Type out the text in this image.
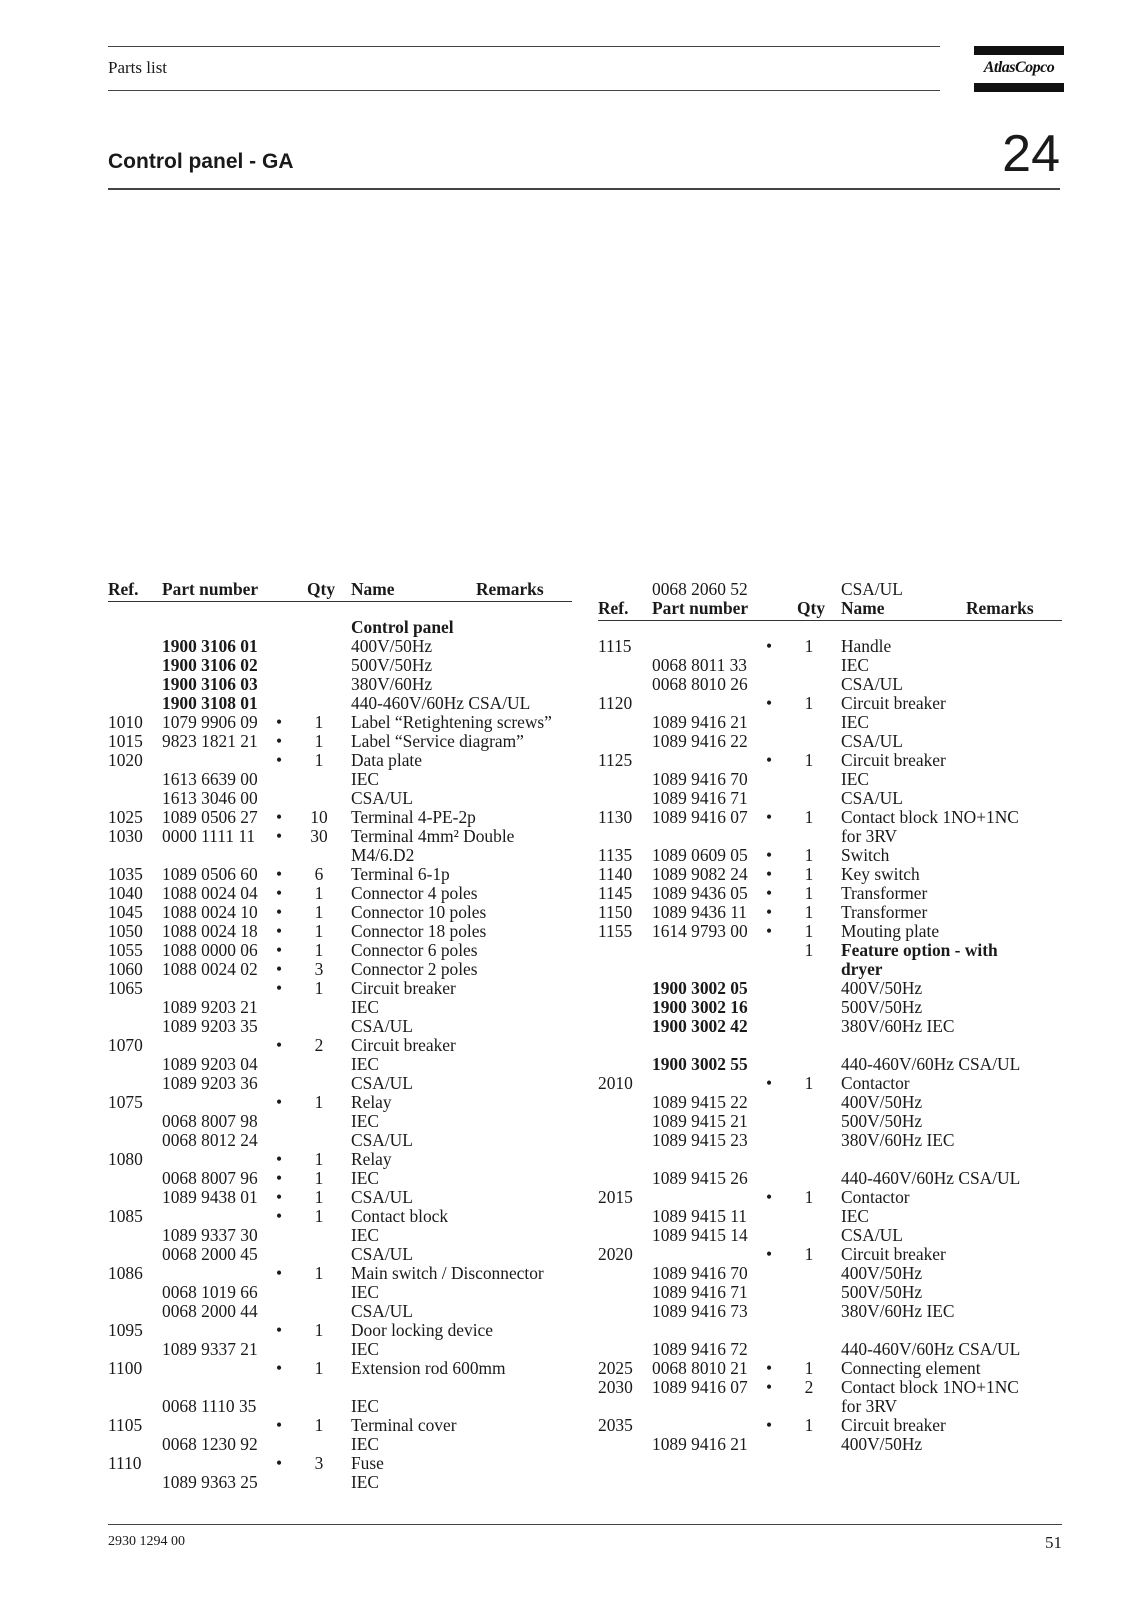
Parts list	AtlasCopco
Control panel - GA	24
Ref. Part number	Qty Name	Remarks
Control panel
1900 3106 01	400V/50Hz
1900 3106 02	500V/50Hz
1900 3106 03	380V/60Hz
1900 3108 01	440-460V/60Hz CSA/UL
1010 1079 9906 09 •	1	Label “Retightening screws”
1015 9823 1821 21 •	1	Label “Service diagram”
1020	•	1	Data plate
1613 6639 00	IEC
1613 3046 00	CSA/UL
1025 1089 0506 27 • 10 Terminal 4-PE-2p
1030 0000 1111 11 • 30 Terminal 4mm² Double
M4/6.D2
1035 1089 0506 60 •	6	Terminal 6-1p
1040 1088 0024 04 •	1	Connector 4 poles
1045 1088 0024 10 •	1	Connector 10 poles
1050 1088 0024 18 •	1	Connector 18 poles
1055 1088 0000 06 •	1	Connector 6 poles
1060 1088 0024 02 •	3	Connector 2 poles
1065	•	1	Circuit breaker
1089 9203 21	IEC
1089 9203 35	CSA/UL
1070	•	2	Circuit breaker
1089 9203 04	IEC
1089 9203 36	CSA/UL
1075	•	1	Relay
0068 8007 98	IEC
0068 8012 24	CSA/UL
1080	•	1	Relay
0068 8007 96 •	1	IEC
1089 9438 01 •	1	CSA/UL
1085	•	1	Contact block
1089 9337 30	IEC
0068 2000 45	CSA/UL
1086	•	1	Main switch / Disconnector
0068 1019 66	IEC
0068 2000 44	CSA/UL
1095	•	1	Door locking device
1089 9337 21	IEC
1100	•	1	Extension rod 600mm
0068 1110 35	IEC
1105	•	1	Terminal cover
0068 1230 92	IEC
1110	•	3	Fuse
1089 9363 25	IEC
0068 2060 52	CSA/UL
Ref. Part number	Qty Name	Remarks
1115	•	1	Handle
0068 8011 33	IEC
0068 8010 26	CSA/UL
1120	•	1	Circuit breaker
1089 9416 21	IEC
1089 9416 22	CSA/UL
1125	•	1	Circuit breaker
1089 9416 70	IEC
1089 9416 71	CSA/UL
1130 1089 9416 07 •	1	Contact block 1NO+1NC
for 3RV
1135 1089 0609 05 •	1	Switch
1140 1089 9082 24 •	1	Key switch
1145 1089 9436 05 •	1	Transformer
1150 1089 9436 11 •	1	Transformer
1155 1614 9793 00 •	1	Mouting plate
1	Feature option - with
dryer
1900 3002 05	400V/50Hz
1900 3002 16	500V/50Hz
1900 3002 42	380V/60Hz IEC
1900 3002 55	440-460V/60Hz CSA/UL
2010	•	1	Contactor
1089 9415 22	400V/50Hz
1089 9415 21	500V/50Hz
1089 9415 23	380V/60Hz IEC
1089 9415 26	440-460V/60Hz CSA/UL
2015	•	1	Contactor
1089 9415 11	IEC
1089 9415 14	CSA/UL
2020	•	1	Circuit breaker
1089 9416 70	400V/50Hz
1089 9416 71	500V/50Hz
1089 9416 73	380V/60Hz IEC
1089 9416 72	440-460V/60Hz CSA/UL
2025 0068 8010 21 •	1	Connecting element
2030 1089 9416 07 •	2	Contact block 1NO+1NC
for 3RV
2035	•	1	Circuit breaker
1089 9416 21	400V/50Hz
2930 1294 00	51
